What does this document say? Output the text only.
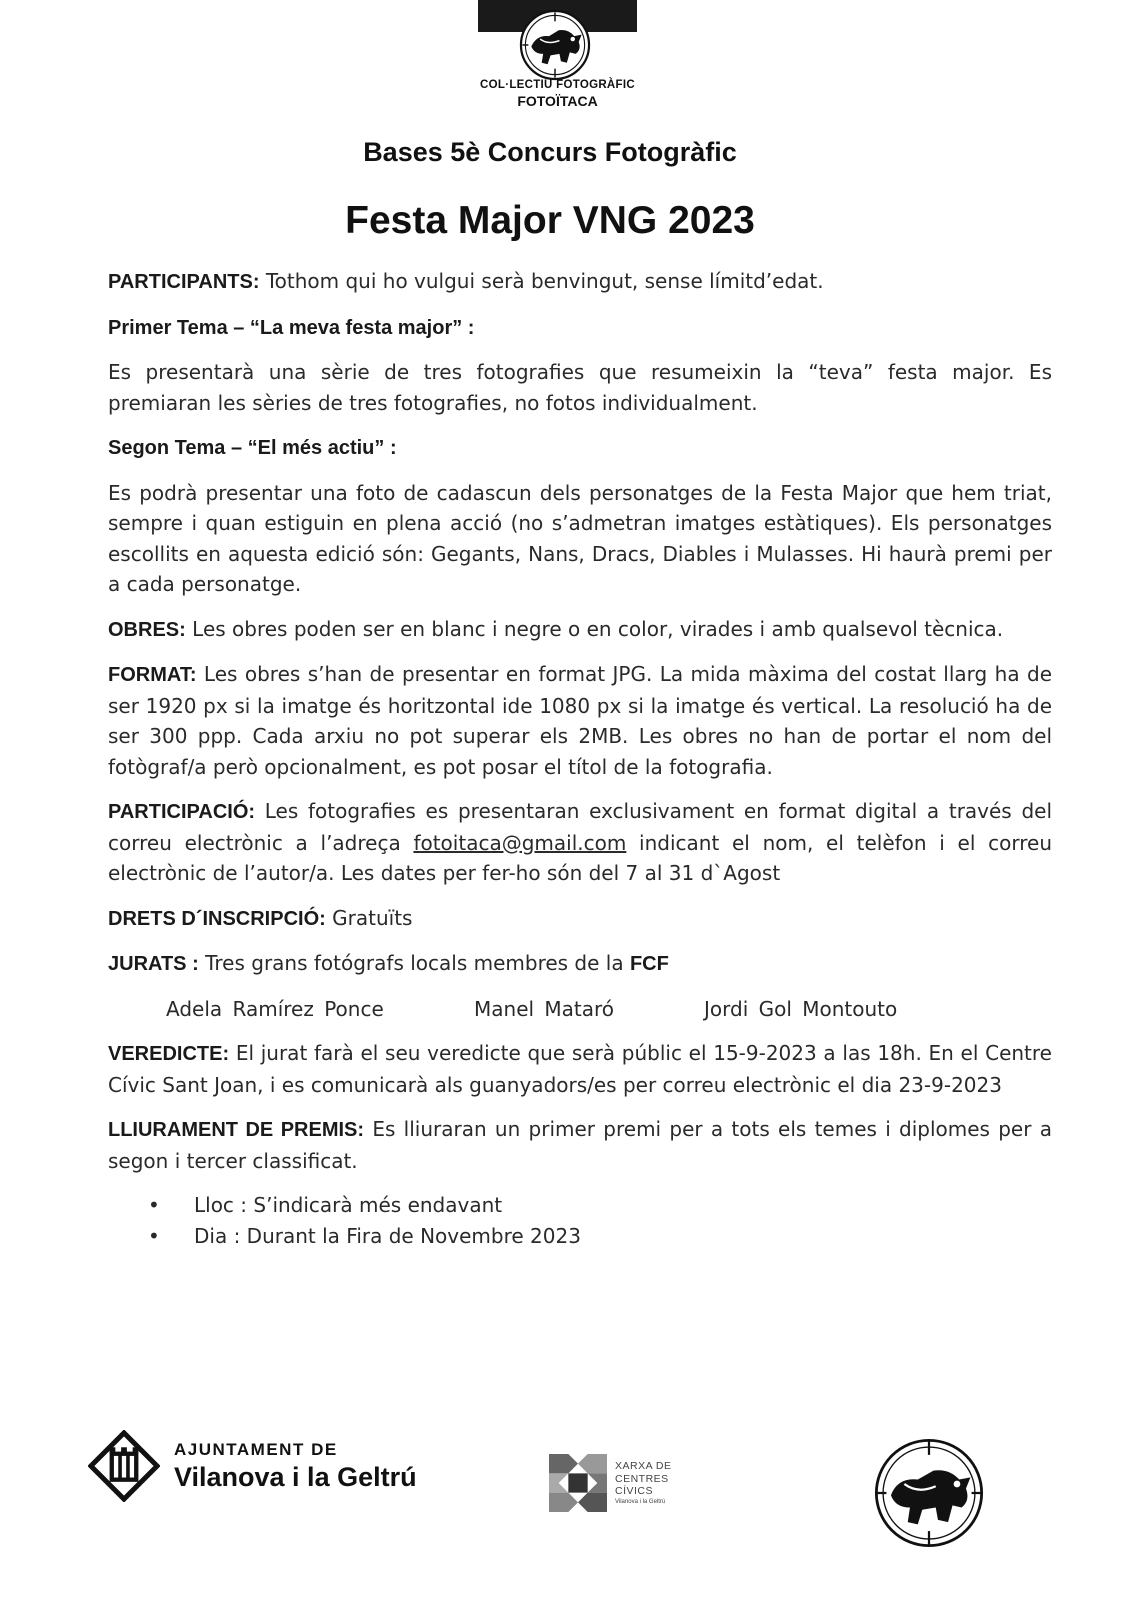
COL·LECTIU FOTOGRÀFIC
FOTOÏTACA
Bases 5è Concurs Fotogràfic
Festa Major VNG 2023

PARTICIPANTS: Tothom qui ho vulgui serà benvingut, sense límitd’edat.

Primer Tema – “La meva festa major” :

Es presentarà una sèrie de tres fotografies que resumeixin la “teva” festa major. Es premiaran les sèries de tres fotografies, no fotos individualment.

Segon Tema – “El més actiu” :

Es podrà presentar una foto de cadascun dels personatges de la Festa Major que hem triat, sempre i quan estiguin en plena acció (no s’admetran imatges estàtiques). Els personatges escollits en aquesta edició són: Gegants, Nans, Dracs, Diables i Mulasses. Hi haurà premi per a cada personatge.

OBRES: Les obres poden ser en blanc i negre o en color, virades i amb qualsevol tècnica.

FORMAT: Les obres s’han de presentar en format JPG. La mida màxima del costat llarg ha de ser 1920 px si la imatge és horitzontal ide 1080 px si la imatge és vertical. La resolució ha de ser 300 ppp. Cada arxiu no pot superar els 2MB. Les obres no han de portar el nom del fotògraf/a però opcionalment, es pot posar el títol de la fotografia.

PARTICIPACIÓ: Les fotografies es presentaran exclusivament en format digital a través del correu electrònic a l’adreça fotoitaca@gmail.com indicant el nom, el telèfon i el correu electrònic de l’autor/a. Les dates per fer-ho són del 7 al 31 d`Agost

DRETS D´INSCRIPCIÓ: Gratuïts

JURATS : Tres grans fotógrafs locals membres de la FCF

Adela Ramírez Ponce	Manel Mataró	Jordi Gol Montouto

VEREDICTE: El jurat farà el seu veredicte que serà públic el 15-9-2023 a las 18h. En el Centre Cívic Sant Joan, i es comunicarà als guanyadors/es per correu electrònic el dia 23-9-2023

LLIURAMENT DE PREMIS: Es lliuraran un primer premi per a tots els temes i diplomes per a segon i tercer classificat.

• Lloc : S’indicarà més endavant
• Dia : Durant la Fira de Novembre 2023
AJUNTAMENT DE
Vilanova i la Geltrú	XARXA DE
CENTRES
CÍVICS
Vilanova i la Geltrú
